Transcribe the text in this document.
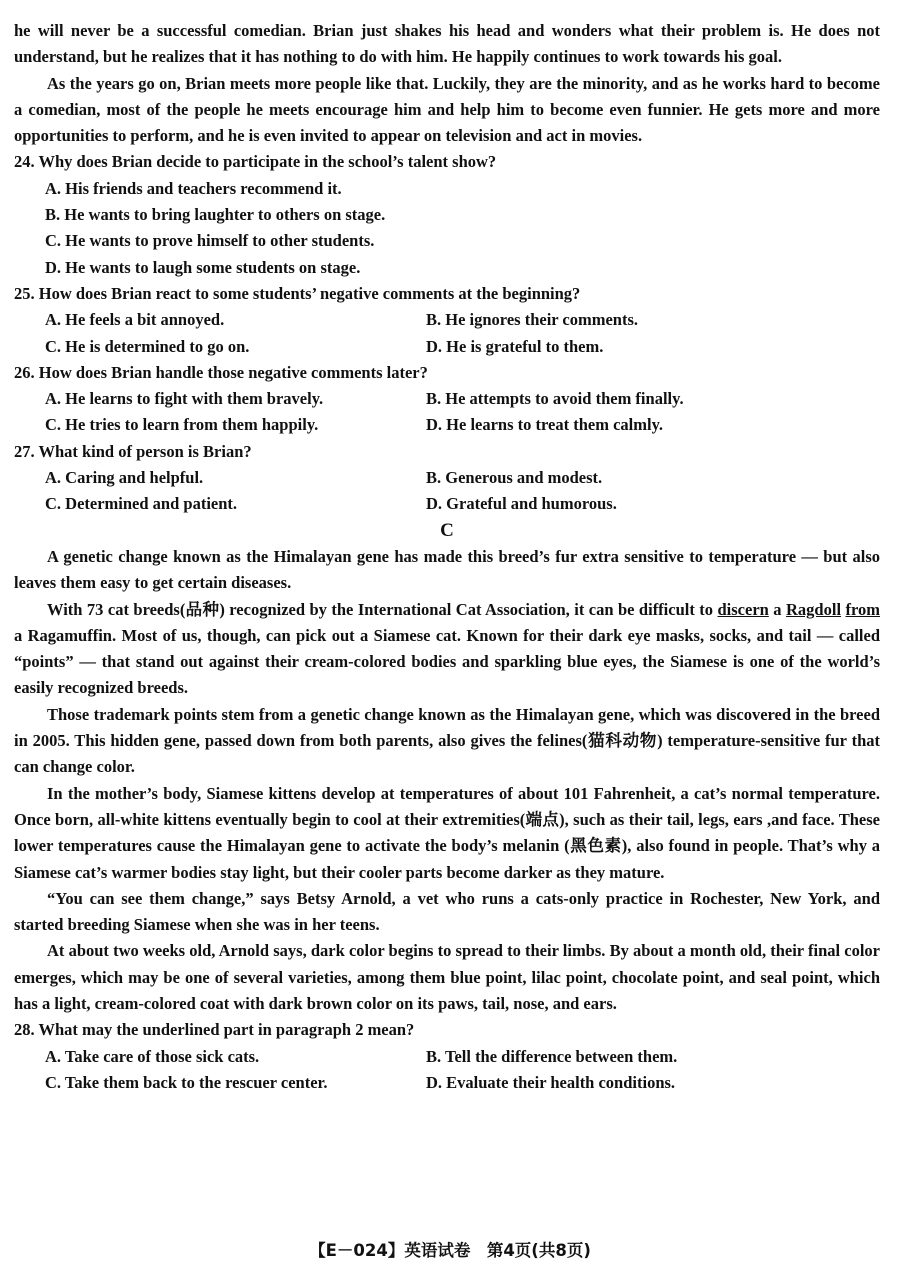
he will never be a successful comedian. Brian just shakes his head and wonders what their problem is. He does not understand, but he realizes that it has nothing to do with him. He happily continues to work towards his goal.

As the years go on, Brian meets more people like that. Luckily, they are the minority, and as he works hard to become a comedian, most of the people he meets encourage him and help him to become even funnier. He gets more and more opportunities to perform, and he is even invited to appear on television and act in movies.

24. Why does Brian decide to participate in the school’s talent show?

A. His friends and teachers recommend it.

B. He wants to bring laughter to others on stage.

C. He wants to prove himself to other students.

D. He wants to laugh some students on stage.

25. How does Brian react to some students’ negative comments at the beginning?

A. He feels a bit annoyed.	B. He ignores their comments.
C. He is determined to go on.	D. He is grateful to them.

26. How does Brian handle those negative comments later?

A. He learns to fight with them bravely.	B. He attempts to avoid them finally.
C. He tries to learn from them happily.	D. He learns to treat them calmly.

27. What kind of person is Brian?

A. Caring and helpful.	B. Generous and modest.
C. Determined and patient.	D. Grateful and humorous.

C

A genetic change known as the Himalayan gene has made this breed’s fur extra sensitive to temperature — but also leaves them easy to get certain diseases.

With 73 cat breeds(品种) recognized by the International Cat Association, it can be difficult to discern a Ragdoll from a Ragamuffin. Most of us, though, can pick out a Siamese cat. Known for their dark eye masks, socks, and tail — called “points” — that stand out against their cream-colored bodies and sparkling blue eyes, the Siamese is one of the world’s easily recognized breeds.

Those trademark points stem from a genetic change known as the Himalayan gene, which was discovered in the breed in 2005. This hidden gene, passed down from both parents, also gives the felines(猫科动物) temperature-sensitive fur that can change color.

In the mother’s body, Siamese kittens develop at temperatures of about 101 Fahrenheit, a cat’s normal temperature. Once born, all-white kittens eventually begin to cool at their extremities(端点), such as their tail, legs, ears ,and face. These lower temperatures cause the Himalayan gene to activate the body’s melanin (黑色素), also found in people. That’s why a Siamese cat’s warmer bodies stay light, but their cooler parts become darker as they mature.

“You can see them change,” says Betsy Arnold, a vet who runs a cats-only practice in Rochester, New York, and started breeding Siamese when she was in her teens.

At about two weeks old, Arnold says, dark color begins to spread to their limbs. By about a month old, their final color emerges, which may be one of several varieties, among them blue point, lilac point, chocolate point, and seal point, which has a light, cream-colored coat with dark brown color on its paws, tail, nose, and ears.

28. What may the underlined part in paragraph 2 mean?

A. Take care of those sick cats.	B. Tell the difference between them.
C. Take them back to the rescuer center.	D. Evaluate their health conditions.
【E－024】英语试卷　第4页(共8页)
